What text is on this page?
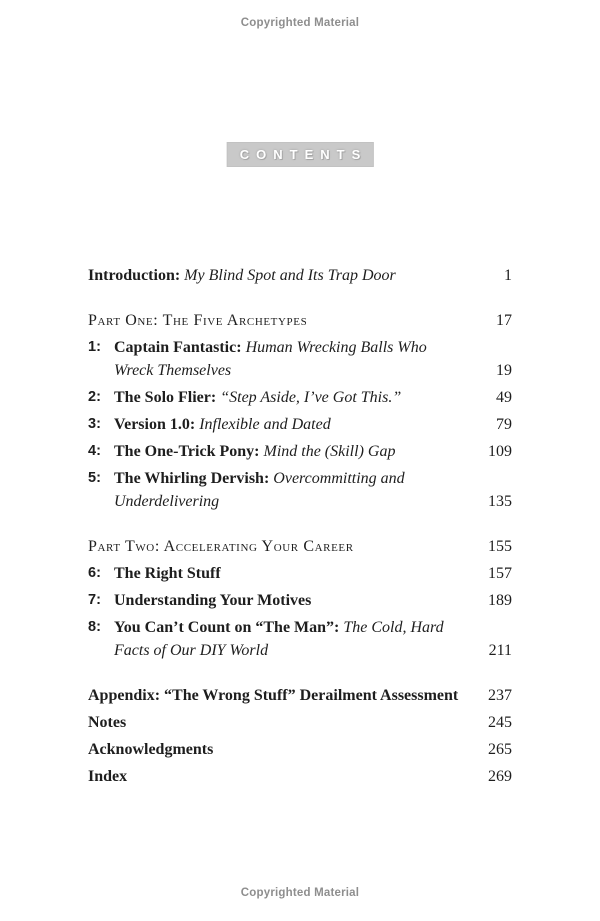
Copyrighted Material
CONTENTS
Introduction: My Blind Spot and Its Trap Door	1
Part One: The Five Archetypes	17
1: Captain Fantastic: Human Wrecking Balls Who Wreck Themselves	19
2: The Solo Flier: “Step Aside, I’ve Got This.”	49
3: Version 1.0: Inflexible and Dated	79
4: The One-Trick Pony: Mind the (Skill) Gap	109
5: The Whirling Dervish: Overcommitting and Underdelivering	135
Part Two: Accelerating Your Career	155
6: The Right Stuff	157
7: Understanding Your Motives	189
8: You Can’t Count on “The Man”: The Cold, Hard Facts of Our DIY World	211
Appendix: “The Wrong Stuff” Derailment Assessment	237
Notes	245
Acknowledgments	265
Index	269
Copyrighted Material
